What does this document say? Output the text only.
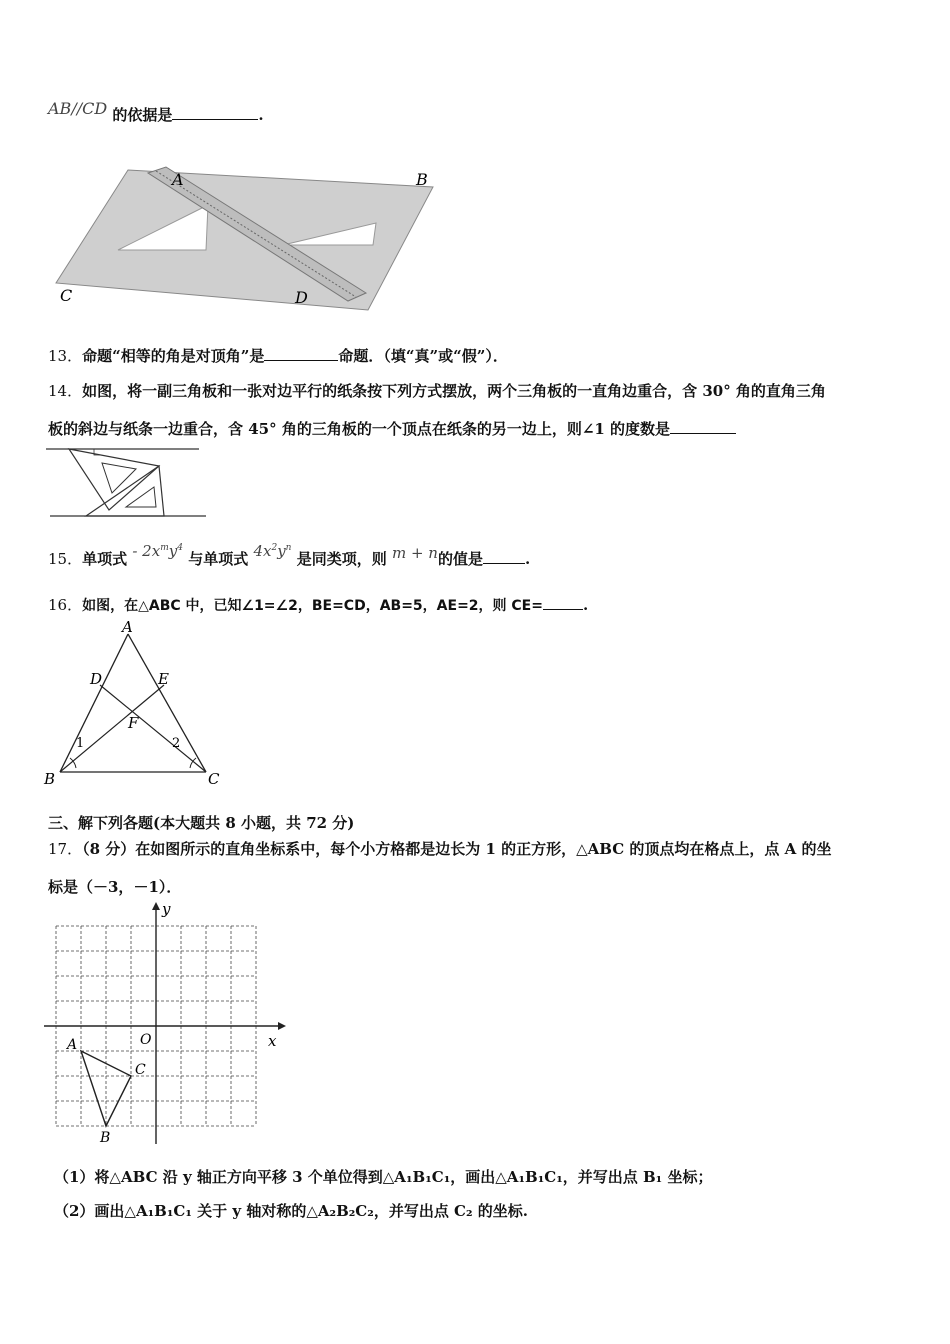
AB//CD 的依据是	.
A	B
C	D
13．命题“相等的角是对顶角”是	命题．（填“真”或“假”）．
14．如图，将一副三角板和一张对边平行的纸条按下列方式摆放，两个三角板的一直角边重合，含 30° 角的直角三角
板的斜边与纸条一边重合，含 45° 角的三角板的一个顶点在纸条的另一边上，则∠1 的度数是
15．单项式 - $2x^my^4$ 与单项式 $4x^2y^n$ 是同类项，则 m + n的值是	.
16．如图，在△ABC 中，已知∠1=∠2，BE=CD，AB=5，AE=2，则 CE=	.
A
B	C
D	E
F
1	2
三、解下列各题(本大题共 8 小题，共 72 分)
17．（8 分）在如图所示的直角坐标系中，每个小方格都是边长为 1 的正方形，△ABC 的顶点均在格点上，点 A 的坐
标是（－3，－1）．
x
y
O
A
B
C
（1）将△ABC 沿 y 轴正方向平移 3 个单位得到△A₁B₁C₁，画出△A₁B₁C₁，并写出点 B₁ 坐标；
（2）画出△A₁B₁C₁ 关于 y 轴对称的△A₂B₂C₂，并写出点 C₂ 的坐标.
